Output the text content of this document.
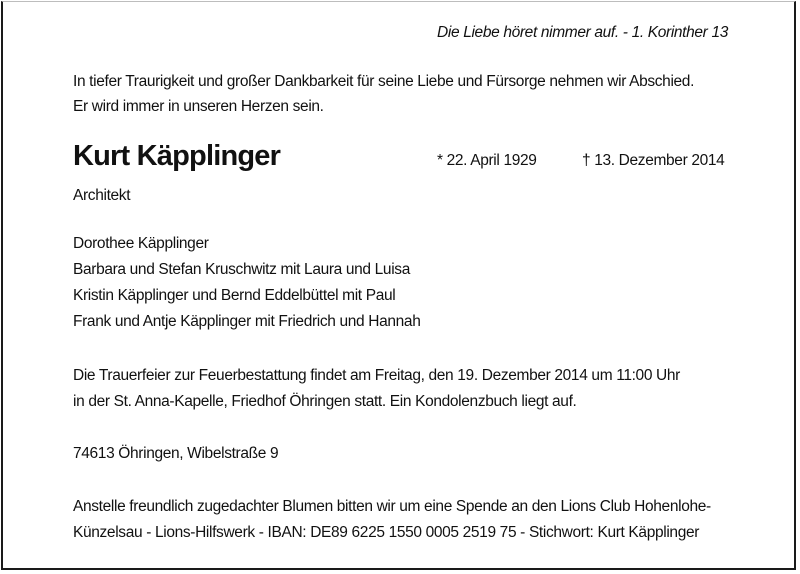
Die Liebe höret nimmer auf. - 1. Korinther 13
In tiefer Traurigkeit und großer Dankbarkeit für seine Liebe und Fürsorge nehmen wir Abschied.
Er wird immer in unseren Herzen sein.
Kurt Käpplinger	* 22. April 1929	† 13. Dezember 2014
Architekt
Dorothee Käpplinger
Barbara und Stefan Kruschwitz mit Laura und Luisa
Kristin Käpplinger und Bernd Eddelbüttel mit Paul
Frank und Antje Käpplinger mit Friedrich und Hannah
Die Trauerfeier zur Feuerbestattung findet am Freitag, den 19. Dezember 2014 um 11:00 Uhr
in der St. Anna-Kapelle, Friedhof Öhringen statt. Ein Kondolenzbuch liegt auf.
74613 Öhringen, Wibelstraße 9
Anstelle freundlich zugedachter Blumen bitten wir um eine Spende an den Lions Club Hohenlohe-
Künzelsau - Lions-Hilfswerk - IBAN: DE89 6225 1550 0005 2519 75 - Stichwort: Kurt Käpplinger
